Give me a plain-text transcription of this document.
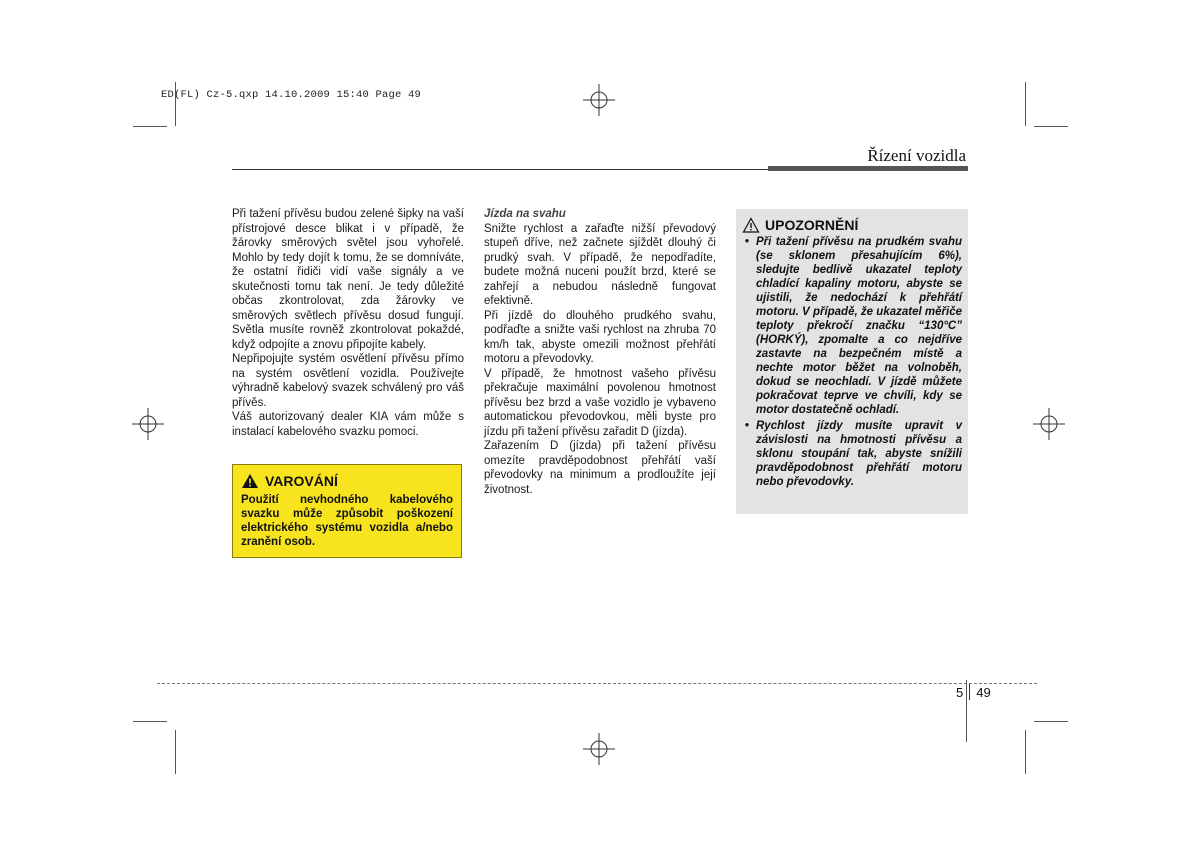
ED(FL) Cz-5.qxp 14.10.2009 15:40 Page 49
Řízení vozidla

Při tažení přívěsu budou zelené šipky na vaší přístrojové desce blikat i v případě, že žárovky směrových světel jsou vyhořelé. Mohlo by tedy dojít k tomu, že se domníváte, že ostatní řidiči vidí vaše signály a ve skutečnosti tomu tak není. Je tedy důležité občas zkontrolovat, zda žárovky ve směrových světlech přívěsu dosud fungují. Světla musíte rovněž zkontrolovat pokaždé, když odpojíte a znovu připojíte kabely.

Nepřipojujte systém osvětlení přívěsu přímo na systém osvětlení vozidla. Používejte výhradně kabelový svazek schválený pro váš přívěs.

Váš autorizovaný dealer KIA vám může s instalací kabelového svazku pomoci.

VAROVÁNÍ
Použití nevhodného kabelového svazku může způsobit poškození elektrického systému vozidla a/nebo zranění osob.

Jízda na svahu

Snižte rychlost a zařaďte nižší převodový stupeň dříve, než začnete sjíždět dlouhý či prudký svah. V případě, že nepodřadíte, budete možná nuceni použít brzd, které se zahřejí a nebudou následně fungovat efektivně.

Při jízdě do dlouhého prudkého svahu, podřaďte a snižte vaši rychlost na zhruba 70 km/h tak, abyste omezili možnost přehřátí motoru a převodovky.

V případě, že hmotnost vašeho přívěsu překračuje maximální povolenou hmotnost přívěsu bez brzd a vaše vozidlo je vybaveno automatickou převodovkou, měli byste pro jízdu při tažení přívěsu zařadit D (jízda).

Zařazením D (jízda) při tažení přívěsu omezíte pravděpodobnost přehřátí vaší převodovky na minimum a prodloužíte její životnost.

UPOZORNĚNÍ
• Při tažení přívěsu na prudkém svahu (se sklonem přesahujícím 6%), sledujte bedlivě ukazatel teploty chladící kapaliny motoru, abyste se ujistili, že nedochází k přehřátí motoru. V případě, že ukazatel měřiče teploty překročí značku “130°C” (HORKÝ), zpomalte a co nejdříve zastavte na bezpečném místě a nechte motor běžet na volnoběh, dokud se neochladí. V jízdě můžete pokračovat teprve ve chvíli, kdy se motor dostatečně ochladí.
• Rychlost jízdy musíte upravit v závislosti na hmotnosti přívěsu a sklonu stoupání tak, abyste snížili pravděpodobnost přehřátí motoru nebo převodovky.
5 49
